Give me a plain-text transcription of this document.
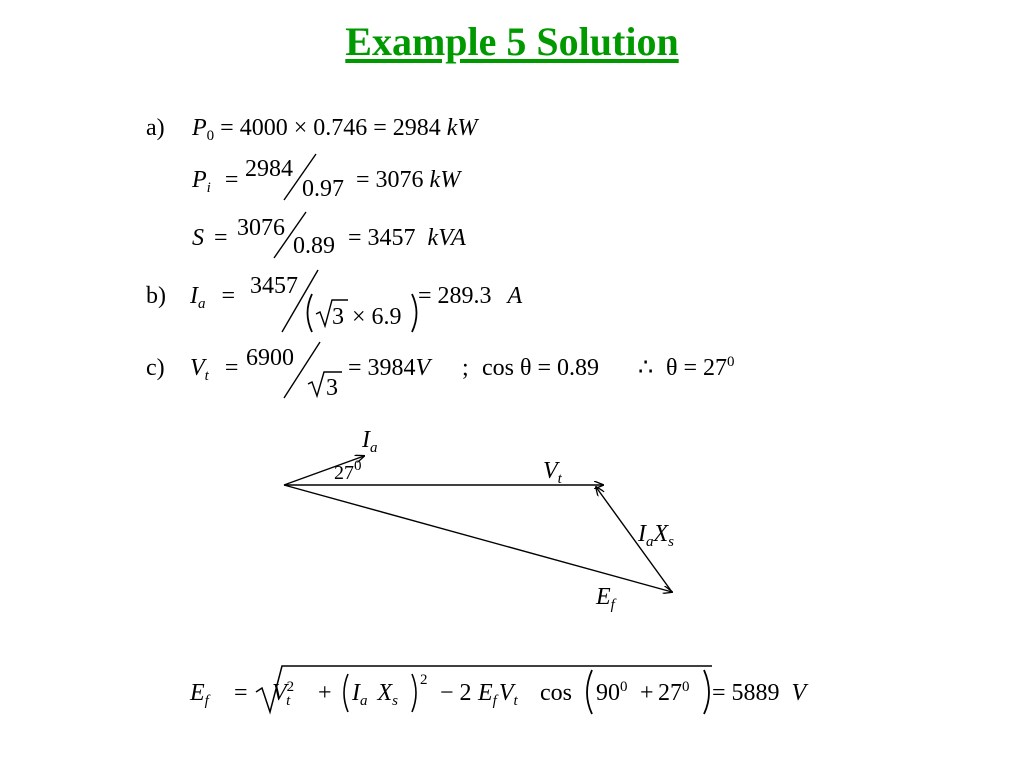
Example 5 Solution
a) $P_0 = 4000 \times 0.746 = 2984$ kW
$P_i = 2984$
0.97 = 3076 kW
S = 3076
0.89 = 3457 kVA
b) $I_a = 3457$
3 × 6.9
= 289.3 A
c) $V_t = 6900$
3
= 3984V ; cos θ = 0.89 ∴ $\theta = 27^0$
$I_a$
$27^0$	$V_t$
$I_aX_s$
$E_f$
$E_f = V^2_t + I_a$ $X_s$
2 − 2 $E_fV_t$ $\cos 90^0 + 27^0 = 5889$ V
